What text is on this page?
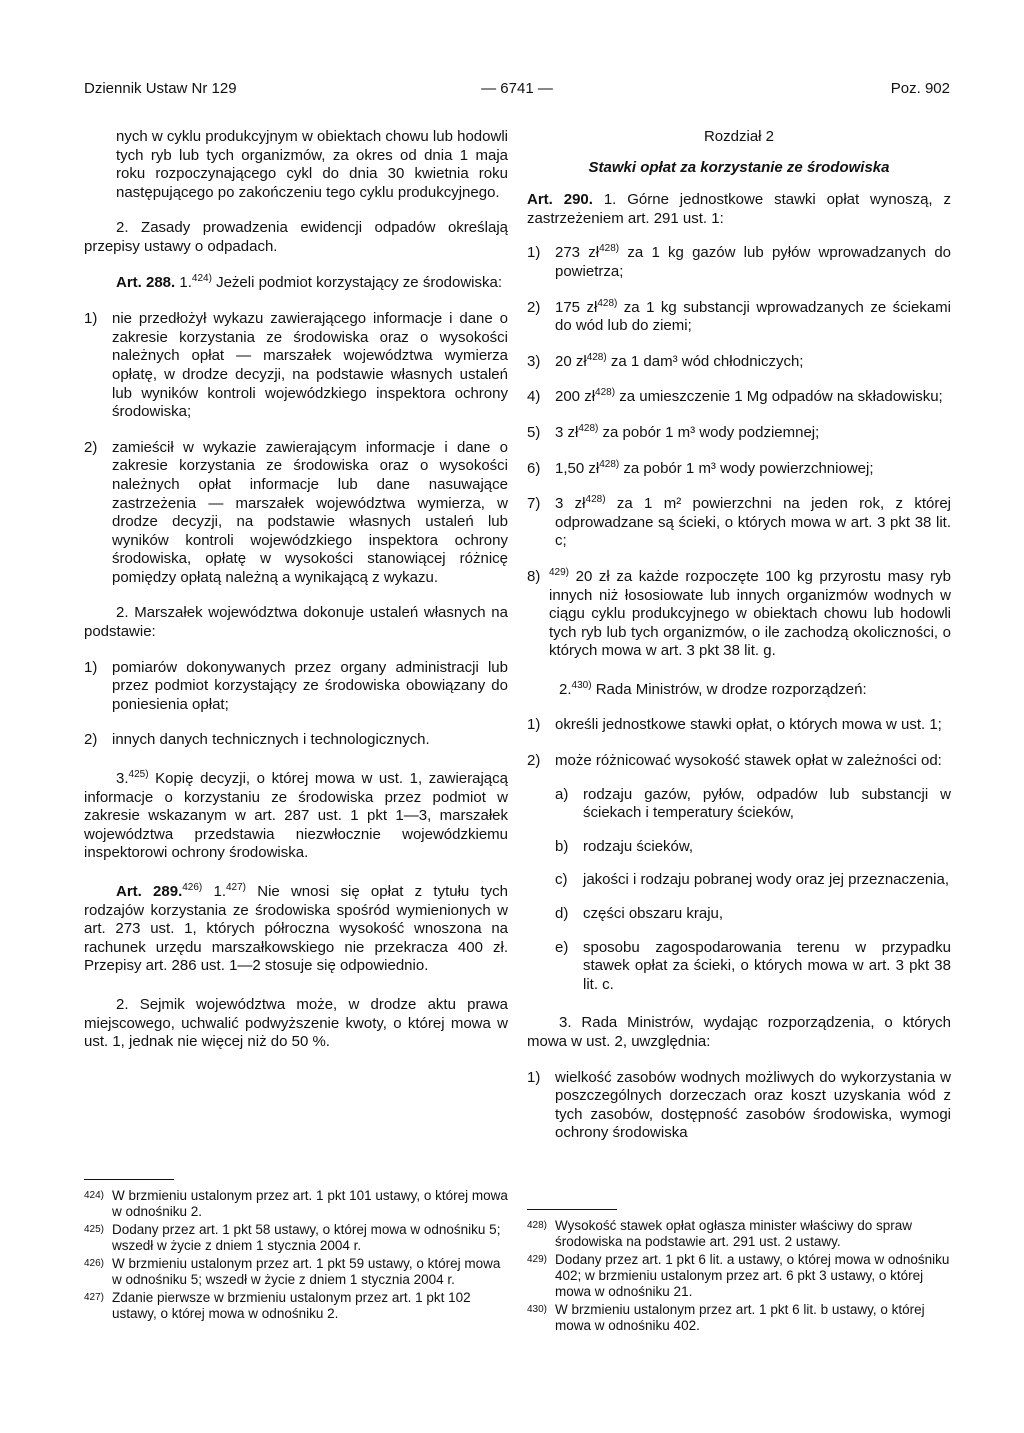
Dziennik Ustaw Nr 129	— 6741 —	Poz. 902

nych w cyklu produkcyjnym w obiektach chowu lub hodowli tych ryb lub tych organizmów, za okres od dnia 1 maja roku rozpoczynającego cykl do dnia 30 kwietnia roku następującego po zakończeniu tego cyklu produkcyjnego.

2. Zasady prowadzenia ewidencji odpadów określają przepisy ustawy o odpadach.

Art. 288. 1.$^{424)}$ Jeżeli podmiot korzystający ze środowiska:

1) nie przedłożył wykazu zawierającego informacje i dane o zakresie korzystania ze środowiska oraz o wysokości należnych opłat — marszałek województwa wymierza opłatę, w drodze decyzji, na podstawie własnych ustaleń lub wyników kontroli wojewódzkiego inspektora ochrony środowiska;
2) zamieścił w wykazie zawierającym informacje i dane o zakresie korzystania ze środowiska oraz o wysokości należnych opłat informacje lub dane nasuwające zastrzeżenia — marszałek województwa wymierza, w drodze decyzji, na podstawie własnych ustaleń lub wyników kontroli wojewódzkiego inspektora ochrony środowiska, opłatę w wysokości stanowiącej różnicę pomiędzy opłatą należną a wynikającą z wykazu.

2. Marszałek województwa dokonuje ustaleń własnych na podstawie:

1) pomiarów dokonywanych przez organy administracji lub przez podmiot korzystający ze środowiska obowiązany do poniesienia opłat;
2) innych danych technicznych i technologicznych.

3.$^{425)}$ Kopię decyzji, o której mowa w ust. 1, zawierającą informacje o korzystaniu ze środowiska przez podmiot w zakresie wskazanym w art. 287 ust. 1 pkt 1—3, marszałek województwa przedstawia niezwłocznie wojewódzkiemu inspektorowi ochrony środowiska.

Art. 289.$^{426)}$ 1.$^{427)}$ Nie wnosi się opłat z tytułu tych rodzajów korzystania ze środowiska spośród wymienionych w art. 273 ust. 1, których półroczna wysokość wnoszona na rachunek urzędu marszałkowskiego nie przekracza 400 zł. Przepisy art. 286 ust. 1—2 stosuje się odpowiednio.

2. Sejmik województwa może, w drodze aktu prawa miejscowego, uchwalić podwyższenie kwoty, o której mowa w ust. 1, jednak nie więcej niż do 50 %.

424) W brzmieniu ustalonym przez art. 1 pkt 101 ustawy, o której mowa w odnośniku 2.
425) Dodany przez art. 1 pkt 58 ustawy, o której mowa w odnośniku 5; wszedł w życie z dniem 1 stycznia 2004 r.
426) W brzmieniu ustalonym przez art. 1 pkt 59 ustawy, o której mowa w odnośniku 5; wszedł w życie z dniem 1 stycznia 2004 r.
427) Zdanie pierwsze w brzmieniu ustalonym przez art. 1 pkt 102 ustawy, o której mowa w odnośniku 2.

Rozdział 2

Stawki opłat za korzystanie ze środowiska

Art. 290. 1. Górne jednostkowe stawki opłat wynoszą, z zastrzeżeniem art. 291 ust. 1:

1) 273 $zł^{428)}$ za 1 kg gazów lub pyłów wprowadzanych do powietrza;
2) 175 $zł^{428)}$ za 1 kg substancji wprowadzanych ze ściekami do wód lub do ziemi;
3) 20 $zł^{428)}$ za 1 dam³ wód chłodniczych;
4) 200 $zł^{428)}$ za umieszczenie 1 Mg odpadów na składowisku;
5) 3 $zł^{428)}$ za pobór 1 m³ wody podziemnej;
6) 1,50 $zł^{428)}$ za pobór 1 m³ wody powierzchniowej;
7) 3 $zł^{428)}$ za 1 m² powierzchni na jeden rok, z której odprowadzane są ścieki, o których mowa w art. 3 pkt 38 lit. c;
8) $^{429)}$ 20 zł za każde rozpoczęte 100 kg przyrostu masy ryb innych niż łososiowate lub innych organizmów wodnych w ciągu cyklu produkcyjnego w obiektach chowu lub hodowli tych ryb lub tych organizmów, o ile zachodzą okoliczności, o których mowa w art. 3 pkt 38 lit. g.

2.$^{430)}$ Rada Ministrów, w drodze rozporządzeń:

1) określi jednostkowe stawki opłat, o których mowa w ust. 1;
2) może różnicować wysokość stawek opłat w zależności od:
a) rodzaju gazów, pyłów, odpadów lub substancji w ściekach i temperatury ścieków,
b) rodzaju ścieków,
c)	jakości i rodzaju pobranej wody oraz jej przeznaczenia,
d) części obszaru kraju,
e) sposobu zagospodarowania terenu w przypadku stawek opłat za ścieki, o których mowa w art. 3 pkt 38 lit. c.

3. Rada Ministrów, wydając rozporządzenia, o których mowa w ust. 2, uwzględnia:

1) wielkość zasobów wodnych możliwych do wykorzystania w poszczególnych dorzeczach oraz koszt uzyskania wód z tych zasobów, dostępność zasobów środowiska, wymogi ochrony środowiska
428) Wysokość stawek opłat ogłasza minister właściwy do spraw środowiska na podstawie art. 291 ust. 2 ustawy.
429) Dodany przez art. 1 pkt 6 lit. a ustawy, o której mowa w odnośniku 402; w brzmieniu ustalonym przez art. 6 pkt 3 ustawy, o której mowa w odnośniku 21.
430) W brzmieniu ustalonym przez art. 1 pkt 6 lit. b ustawy, o której mowa w odnośniku 402.
